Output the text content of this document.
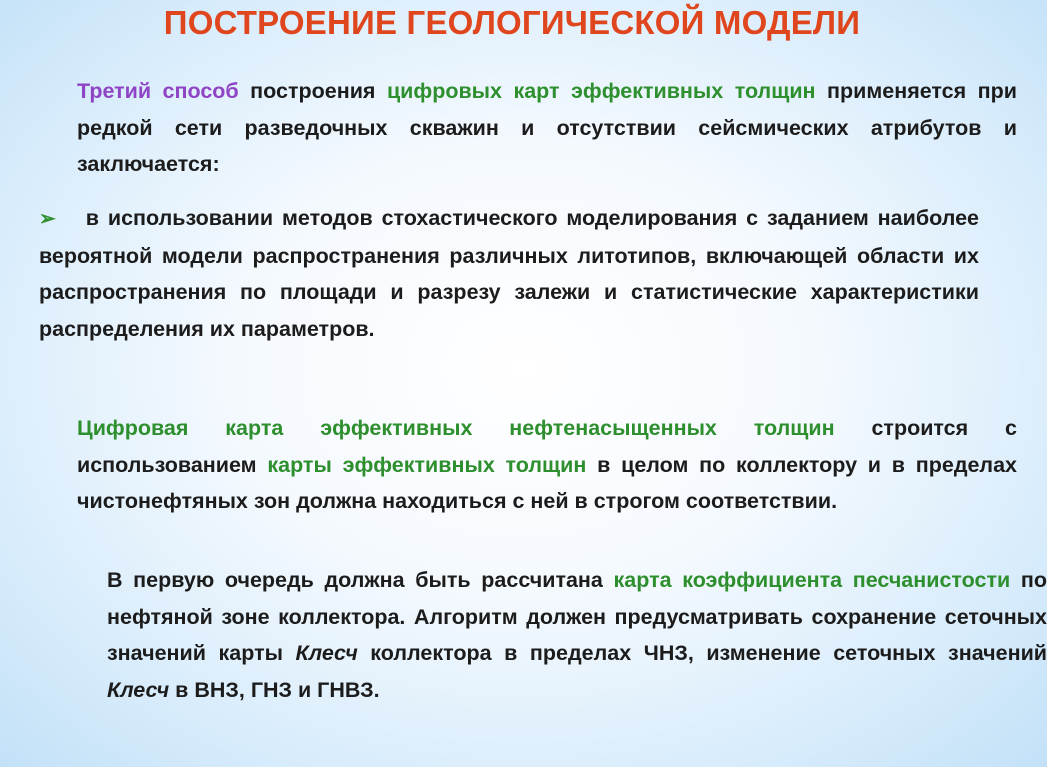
ПОСТРОЕНИЕ ГЕОЛОГИЧЕСКОЙ МОДЕЛИ
Третий способ построения цифровых карт эффективных толщин применяется при редкой сети разведочных скважин и отсутствии сейсмических атрибутов и заключается:
➢ в использовании методов стохастического моделирования с заданием наиболее вероятной модели распространения различных литотипов, включающей области их распространения по площади и разрезу залежи и статистические характеристики распределения их параметров.
Цифровая карта эффективных нефтенасыщенных толщин строится с использованием карты эффективных толщин в целом по коллектору и в пределах чистонефтяных зон должна находиться с ней в строгом соответствии.
В первую очередь должна быть рассчитана карта коэффициента песчанистости по нефтяной зоне коллектора. Алгоритм должен предусматривать сохранение сеточных значений карты Клесч коллектора в пределах ЧНЗ, изменение сеточных значений Клесч в ВНЗ, ГНЗ и ГНВЗ.
